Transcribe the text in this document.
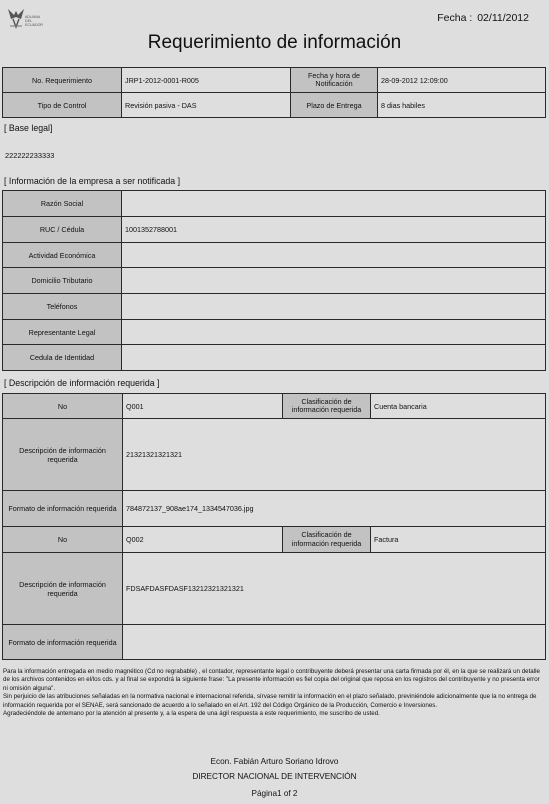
ADUANA
DEL
ECUADOR
Fecha : 02/11/2012
Requerimiento de información
No. Requerimiento	JRP1-2012-0001-R005	Fecha y hora de Notificación	28-09-2012 12:09:00
Tipo de Control	Revisión pasiva - DAS	Plazo de Entrega	8 dias habiles
[ Base legal]
222222233333
[ Información de la empresa a ser notificada ]
Razón Social	
RUC / Cédula	1001352788001
Actividad Económica	
Domicilio Tributario	
Teléfonos	
Representante Legal	
Cedula de Identidad	
[ Descripción de información requerida ]
No	Q001	Clasificación de información requerida	Cuenta bancaria
Descripción de información requerida	21321321321321		
Formato de información requerida	784872137_908ae174_1334547036.jpg		
No	Q002	Clasificación de información requerida	Factura
Descripción de información requerida	FDSAFDASFDASF13212321321321		
Formato de información requerida			

Para la información entregada en medio magnético (Cd no regrabable) , el contador, representante legal o contribuyente deberá presentar una carta firmada por él, en la que se realizará un detalle de los archivos contenidos en el/los cds. y al final se expondrá la siguiente frase: "La presente información es fiel copia del original que reposa en los registros del contribuyente y no presenta error ni omisión alguna".

Sin perjuicio de las atribuciones señaladas en la normativa nacional e internacional referida, sírvase remitir la información en el plazo señalado, previniéndole adicionalmente que la no entrega de información requerida por el SENAE, será sancionado de acuerdo a lo señalado en el Art. 192 del Código Orgánico de la Producción, Comercio e Inversiones.

Agradeciéndole de antemano por la atención al presente y, a la espera de una ágil respuesta a este requerimiento, me suscribo de usted.

Econ. Fabián Arturo Soriano Idrovo
DIRECTOR NACIONAL DE INTERVENCIÓN
Página1 of 2
